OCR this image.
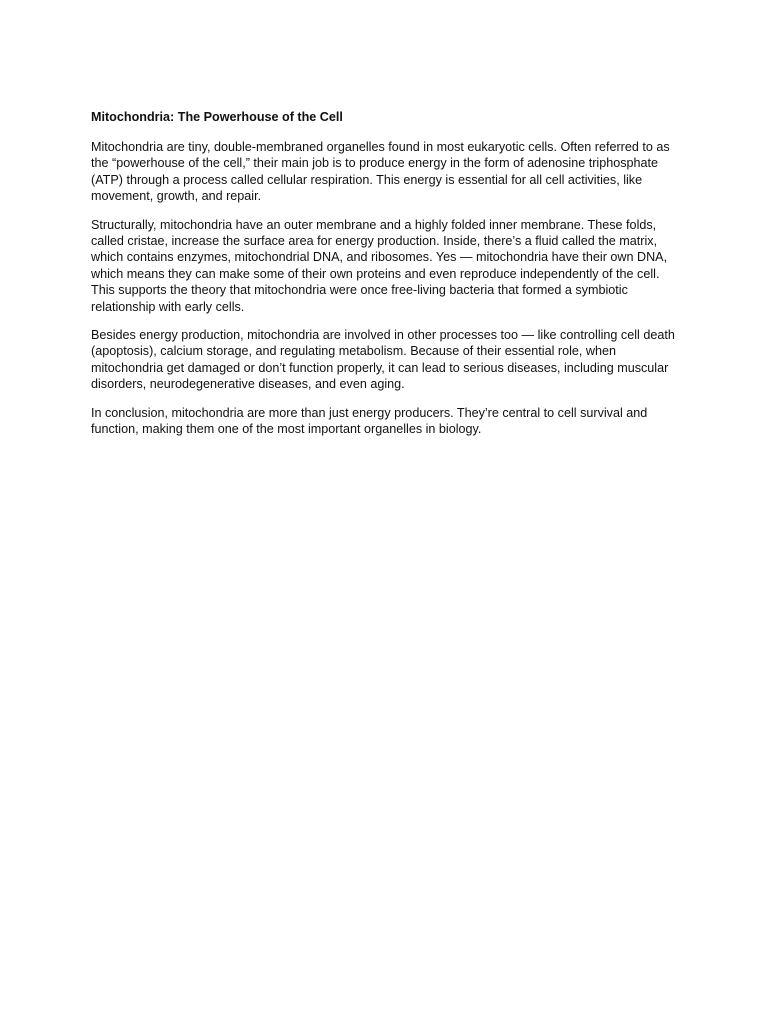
Mitochondria: The Powerhouse of the Cell

Mitochondria are tiny, double-membraned organelles found in most eukaryotic cells. Often referred to as the “powerhouse of the cell,” their main job is to produce energy in the form of adenosine triphosphate (ATP) through a process called cellular respiration. This energy is essential for all cell activities, like movement, growth, and repair.

Structurally, mitochondria have an outer membrane and a highly folded inner membrane. These folds, called cristae, increase the surface area for energy production. Inside, there’s a fluid called the matrix, which contains enzymes, mitochondrial DNA, and ribosomes. Yes — mitochondria have their own DNA, which means they can make some of their own proteins and even reproduce independently of the cell. This supports the theory that mitochondria were once free-living bacteria that formed a symbiotic relationship with early cells.

Besides energy production, mitochondria are involved in other processes too — like controlling cell death (apoptosis), calcium storage, and regulating metabolism. Because of their essential role, when mitochondria get damaged or don’t function properly, it can lead to serious diseases, including muscular disorders, neurodegenerative diseases, and even aging.

In conclusion, mitochondria are more than just energy producers. They’re central to cell survival and function, making them one of the most important organelles in biology.
